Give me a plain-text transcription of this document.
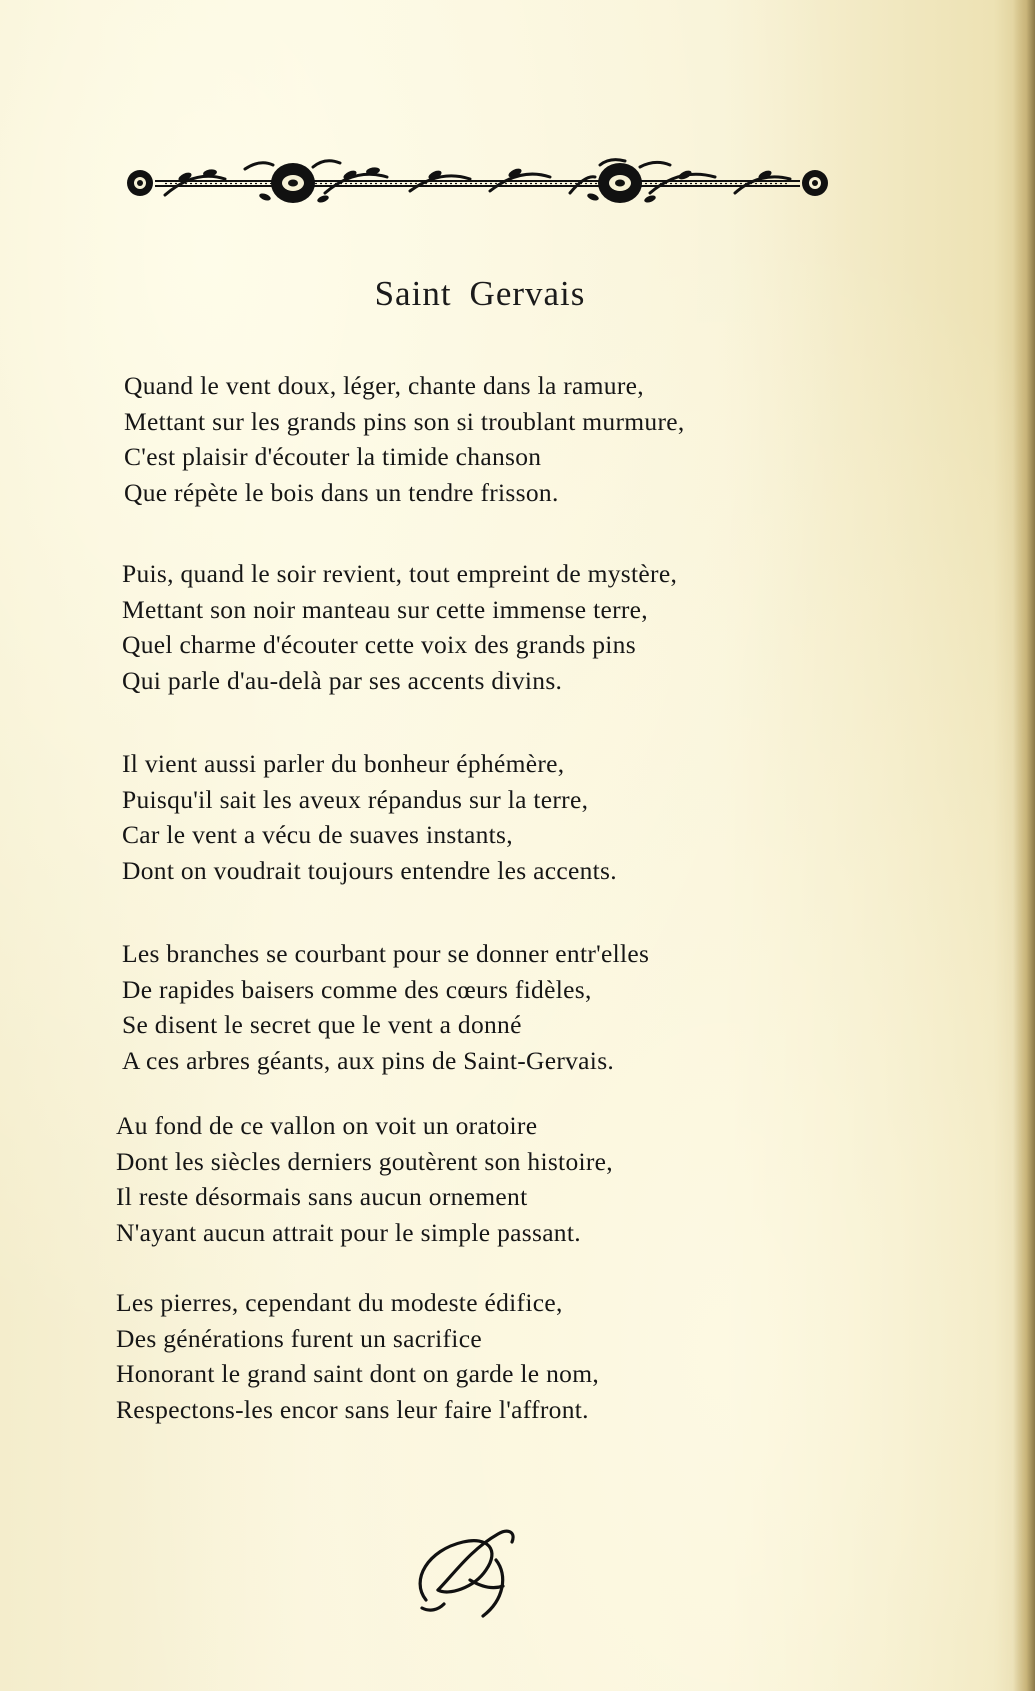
Saint Gervais
Quand le vent doux, léger, chante dans la ramure,
Mettant sur les grands pins son si troublant murmure,
C'est plaisir d'écouter la timide chanson
Que répète le bois dans un tendre frisson.
Puis, quand le soir revient, tout empreint de mystère,
Mettant son noir manteau sur cette immense terre,
Quel charme d'écouter cette voix des grands pins
Qui parle d'au-delà par ses accents divins.
Il vient aussi parler du bonheur éphémère,
Puisqu'il sait les aveux répandus sur la terre,
Car le vent a vécu de suaves instants,
Dont on voudrait toujours entendre les accents.
Les branches se courbant pour se donner entr'elles
De rapides baisers comme des cœurs fidèles,
Se disent le secret que le vent a donné
A ces arbres géants, aux pins de Saint-Gervais.
Au fond de ce vallon on voit un oratoire
Dont les siècles derniers goutèrent son histoire,
Il reste désormais sans aucun ornement
N'ayant aucun attrait pour le simple passant.
Les pierres, cependant du modeste édifice,
Des générations furent un sacrifice
Honorant le grand saint dont on garde le nom,
Respectons-les encor sans leur faire l'affront.
